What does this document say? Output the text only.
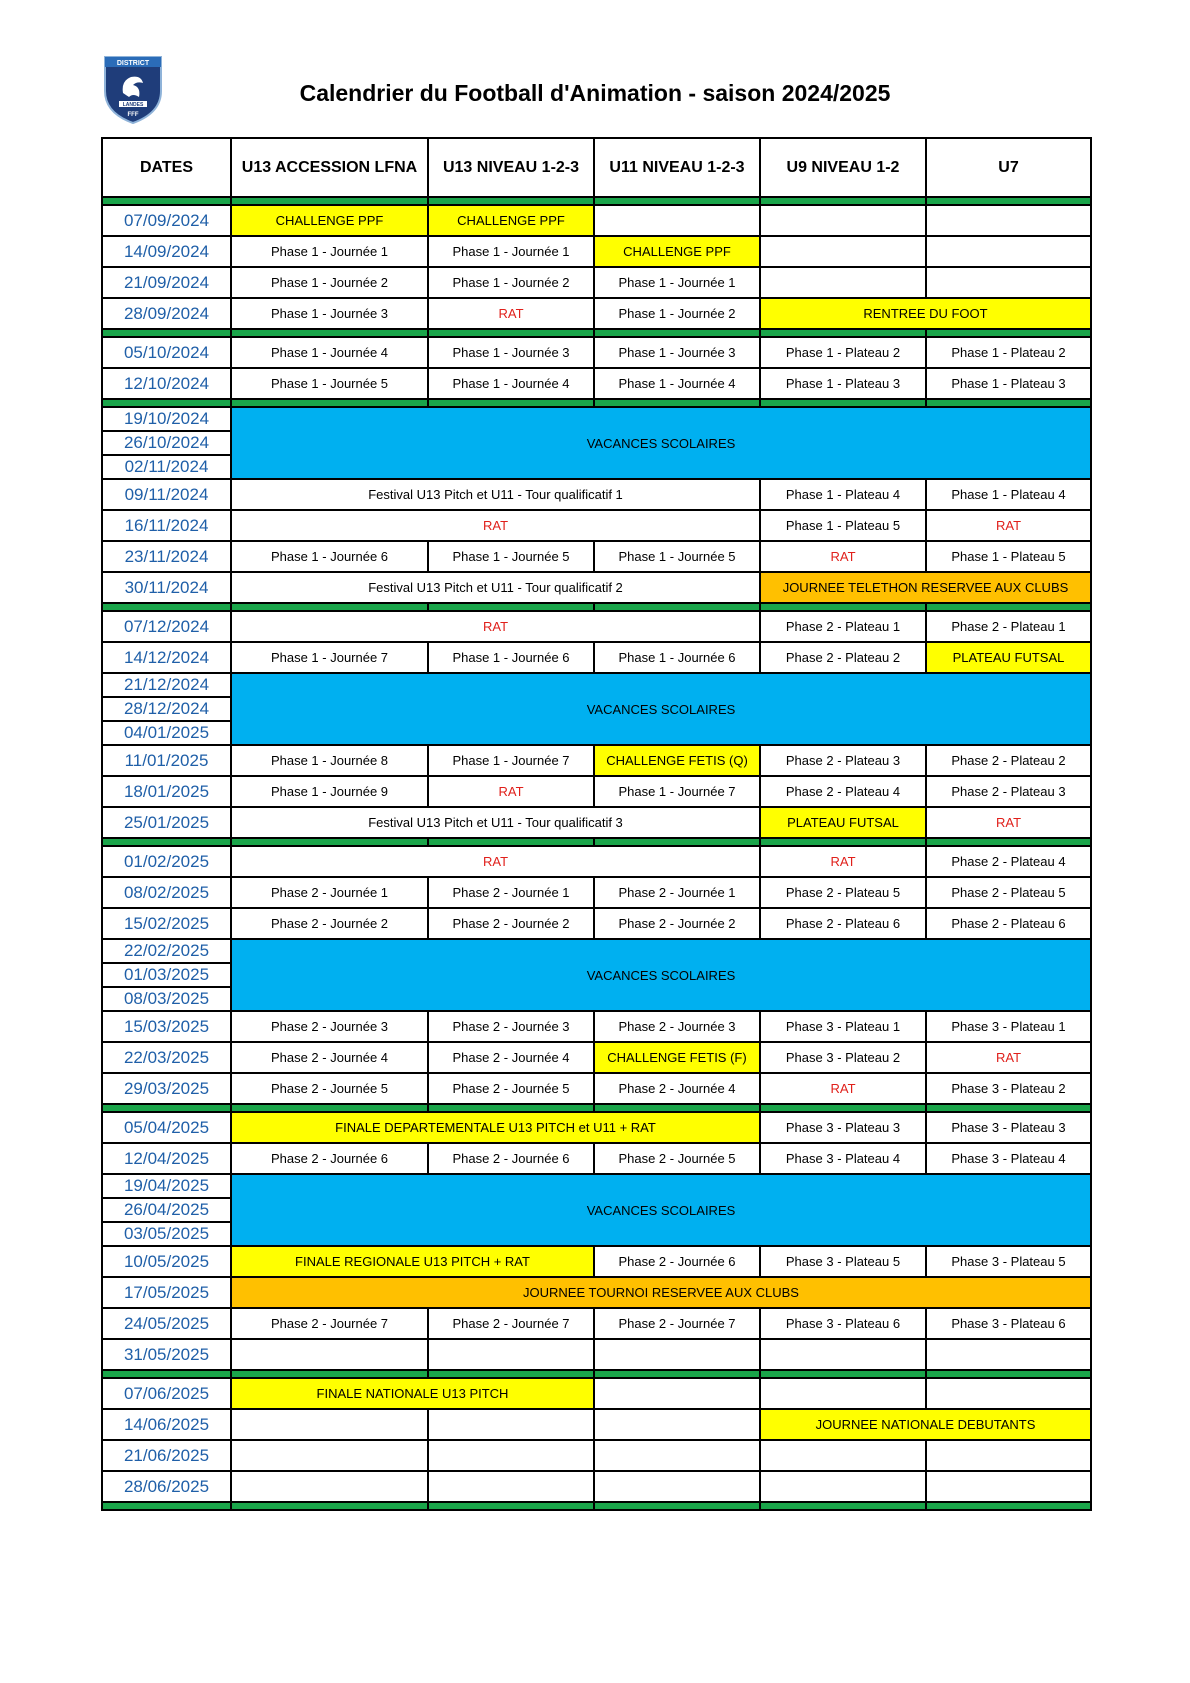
DISTRICT
LANDES
FFF
Calendrier du Football d'Animation - saison 2024/2025
DATES	U13 ACCESSION LFNA	U13 NIVEAU 1-2-3	U11 NIVEAU 1-2-3	U9 NIVEAU 1-2	U7

07/09/2024	CHALLENGE PPF	CHALLENGE PPF			
14/09/2024	Phase 1 - Journée 1	Phase 1 - Journée 1	CHALLENGE PPF		
21/09/2024	Phase 1 - Journée 2	Phase 1 - Journée 2	Phase 1 - Journée 1		
28/09/2024	Phase 1 - Journée 3	RAT	Phase 1 - Journée 2	RENTREE DU FOOT	

05/10/2024	Phase 1 - Journée 4	Phase 1 - Journée 3	Phase 1 - Journée 3	Phase 1 - Plateau 2	Phase 1 - Plateau 2
12/10/2024	Phase 1 - Journée 5	Phase 1 - Journée 4	Phase 1 - Journée 4	Phase 1 - Plateau 3	Phase 1 - Plateau 3

19/10/2024
26/10/2024
02/11/2024	VACANCES SCOLAIRES				
09/11/2024	Festival U13 Pitch et U11 - Tour qualificatif 1			Phase 1 - Plateau 4	Phase 1 - Plateau 4
16/11/2024	RAT			Phase 1 - Plateau 5	RAT
23/11/2024	Phase 1 - Journée 6	Phase 1 - Journée 5	Phase 1 - Journée 5	RAT	Phase 1 - Plateau 5
30/11/2024	Festival U13 Pitch et U11 - Tour qualificatif 2			JOURNEE TELETHON RESERVEE AUX CLUBS	

07/12/2024	RAT			Phase 2 - Plateau 1	Phase 2 - Plateau 1
14/12/2024	Phase 1 - Journée 7	Phase 1 - Journée 6	Phase 1 - Journée 6	Phase 2 - Plateau 2	PLATEAU FUTSAL

21/12/2024
28/12/2024
04/01/2025	VACANCES SCOLAIRES				
11/01/2025	Phase 1 - Journée 8	Phase 1 - Journée 7	CHALLENGE FETIS (Q)	Phase 2 - Plateau 3	Phase 2 - Plateau 2
18/01/2025	Phase 1 - Journée 9	RAT	Phase 1 - Journée 7	Phase 2 - Plateau 4	Phase 2 - Plateau 3
25/01/2025	Festival U13 Pitch et U11 - Tour qualificatif 3			PLATEAU FUTSAL	RAT

01/02/2025	RAT			RAT	Phase 2 - Plateau 4
08/02/2025	Phase 2 - Journée 1	Phase 2 - Journée 1	Phase 2 - Journée 1	Phase 2 - Plateau 5	Phase 2 - Plateau 5
15/02/2025	Phase 2 - Journée 2	Phase 2 - Journée 2	Phase 2 - Journée 2	Phase 2 - Plateau 6	Phase 2 - Plateau 6

22/02/2025
01/03/2025
08/03/2025	VACANCES SCOLAIRES				
15/03/2025	Phase 2 - Journée 3	Phase 2 - Journée 3	Phase 2 - Journée 3	Phase 3 - Plateau 1	Phase 3 - Plateau 1
22/03/2025	Phase 2 - Journée 4	Phase 2 - Journée 4	CHALLENGE FETIS (F)	Phase 3 - Plateau 2	RAT
29/03/2025	Phase 2 - Journée 5	Phase 2 - Journée 5	Phase 2 - Journée 4	RAT	Phase 3 - Plateau 2

05/04/2025	FINALE DEPARTEMENTALE U13 PITCH et U11 + RAT			Phase 3 - Plateau 3	Phase 3 - Plateau 3
12/04/2025	Phase 2 - Journée 6	Phase 2 - Journée 6	Phase 2 - Journée 5	Phase 3 - Plateau 4	Phase 3 - Plateau 4

19/04/2025
26/04/2025
03/05/2025	VACANCES SCOLAIRES				
10/05/2025	FINALE REGIONALE U13 PITCH + RAT		Phase 2 - Journée 6	Phase 3 - Plateau 5	Phase 3 - Plateau 5
17/05/2025	JOURNEE TOURNOI RESERVEE AUX CLUBS				
24/05/2025	Phase 2 - Journée 7	Phase 2 - Journée 7	Phase 2 - Journée 7	Phase 3 - Plateau 6	Phase 3 - Plateau 6
31/05/2025					

07/06/2025	FINALE NATIONALE U13 PITCH				
14/06/2025				JOURNEE NATIONALE DEBUTANTS	
21/06/2025					
28/06/2025					
